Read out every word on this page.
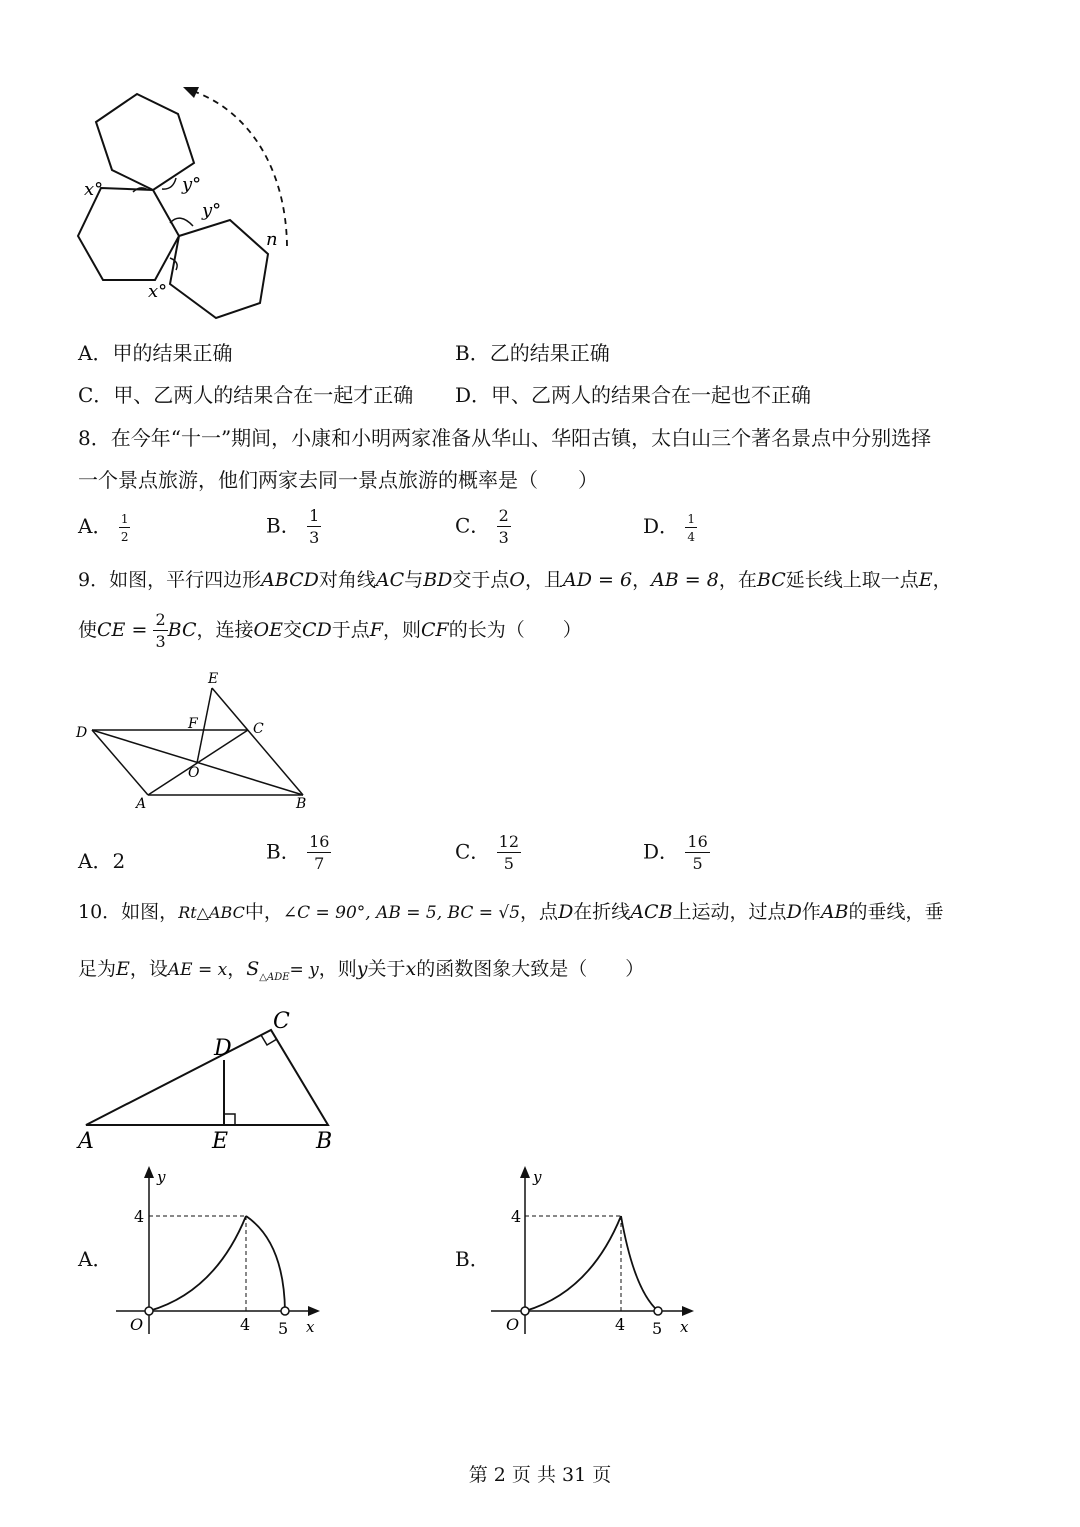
x°	y°
y°
x°
n
A．甲的结果正确	B．乙的结果正确
C．甲、乙两人的结果合在一起才正确 D．甲、乙两人的结果合在一起也不正确
8．在今年“十一”期间，小康和小明两家准备从华山、华阳古镇，太白山三个著名景点中分别选择
一个景点旅游，他们两家去同一景点旅游的概率是（　　）
A． $\frac{1}{2}$	B． $\frac{1}{3}$	C． $\frac{2}{3}$	D． $\frac{1}{4}$
9．如图，平行四边形ABCD对角线AC与BD交于点O，且AD = 6，AB = 8，在BC延长线上取一点E，
使CE = $\frac{2}{3}$ BC，连接OE交CD于点F，则CF的长为（　　）
E
F
D	C
O
A	B
A．2	B． $\frac{16}{7}$	C． $\frac{12}{5}$	D． $\frac{16}{5}$
10．如图，Rt△ABC中，∠C = 90°, AB = 5, BC = √5，点D在折线ACB上运动，过点D作AB的垂线，垂
足为E，设AE = x，$S_{\triangle ADE}= y$，则y关于x的函数图象大致是（　　）
A	E	B
D
C
A．
y
x
O
4
4 5
B．
y
x
O
4
4 5
第 2 页 共 31 页
